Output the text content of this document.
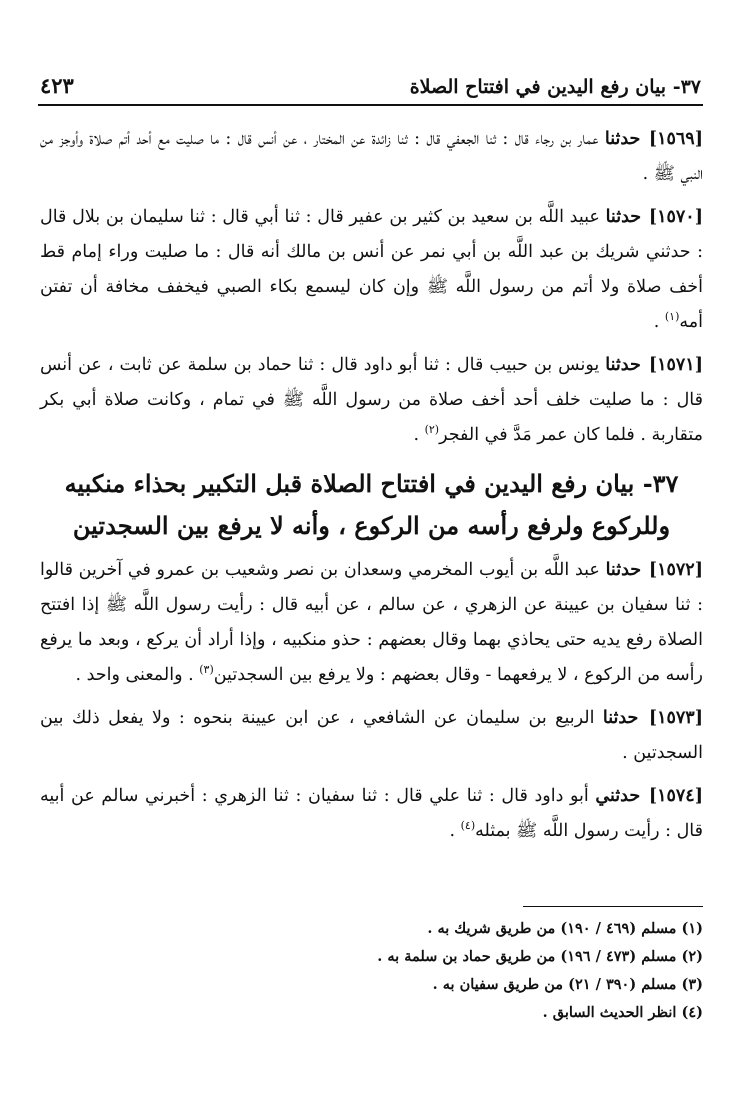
٣٧- بيان رفع اليدين في افتتاح الصلاة
٤٢٣

[١٥٦٩] حدثنا عمار بن رجاء قال : ثنا الجعفي قال : ثنا زائدة عن المختار ، عن أنس قال : ما صليت مع أحد أتم صلاة وأوجز من النبي ﷺ .

[١٥٧٠] حدثنا عبيد اللَّه بن سعيد بن كثير بن عفير قال : ثنا أبي قال : ثنا سليمان بن بلال قال : حدثني شريك بن عبد اللَّه بن أبي نمر عن أنس بن مالك أنه قال : ما صليت وراء إمام قط أخف صلاة ولا أتم من رسول اللَّه ﷺ وإن كان ليسمع بكاء الصبي فيخفف مخافة أن تفتن أمه$^{(١)}$ .

[١٥٧١] حدثنا يونس بن حبيب قال : ثنا أبو داود قال : ثنا حماد بن سلمة عن ثابت ، عن أنس قال : ما صليت خلف أحد أخف صلاة من رسول اللَّه ﷺ في تمام ، وكانت صلاة أبي بكر متقاربة . فلما كان عمر مَدَّ في الفجر$^{(٢)}$ .

٣٧- بيان رفع اليدين في افتتاح الصلاة قبل التكبير بحذاء منكبيه وللركوع ولرفع رأسه من الركوع ، وأنه لا يرفع بين السجدتين

[١٥٧٢] حدثنا عبد اللَّه بن أيوب المخرمي وسعدان بن نصر وشعيب بن عمرو في آخرين قالوا : ثنا سفيان بن عيينة عن الزهري ، عن سالم ، عن أبيه قال : رأيت رسول اللَّه ﷺ إذا افتتح الصلاة رفع يديه حتى يحاذي بهما وقال بعضهم : حذو منكبيه ، وإذا أراد أن يركع ، وبعد ما يرفع رأسه من الركوع ، لا يرفعهما - وقال بعضهم : ولا يرفع بين السجدتين$^{(٣)}$ . والمعنى واحد .

[١٥٧٣] حدثنا الربيع بن سليمان عن الشافعي ، عن ابن عيينة بنحوه : ولا يفعل ذلك بين السجدتين .

[١٥٧٤] حدثني أبو داود قال : ثنا علي قال : ثنا سفيان : ثنا الزهري : أخبرني سالم عن أبيه قال : رأيت رسول اللَّه ﷺ بمثله$^{(٤)}$ .

(١) مسلم (٤٦٩ / ١٩٠) من طريق شريك به .
(٢) مسلم (٤٧٣ / ١٩٦) من طريق حماد بن سلمة به .
(٣) مسلم (٣٩٠ / ٢١) من طريق سفيان به .
(٤) انظر الحديث السابق .
